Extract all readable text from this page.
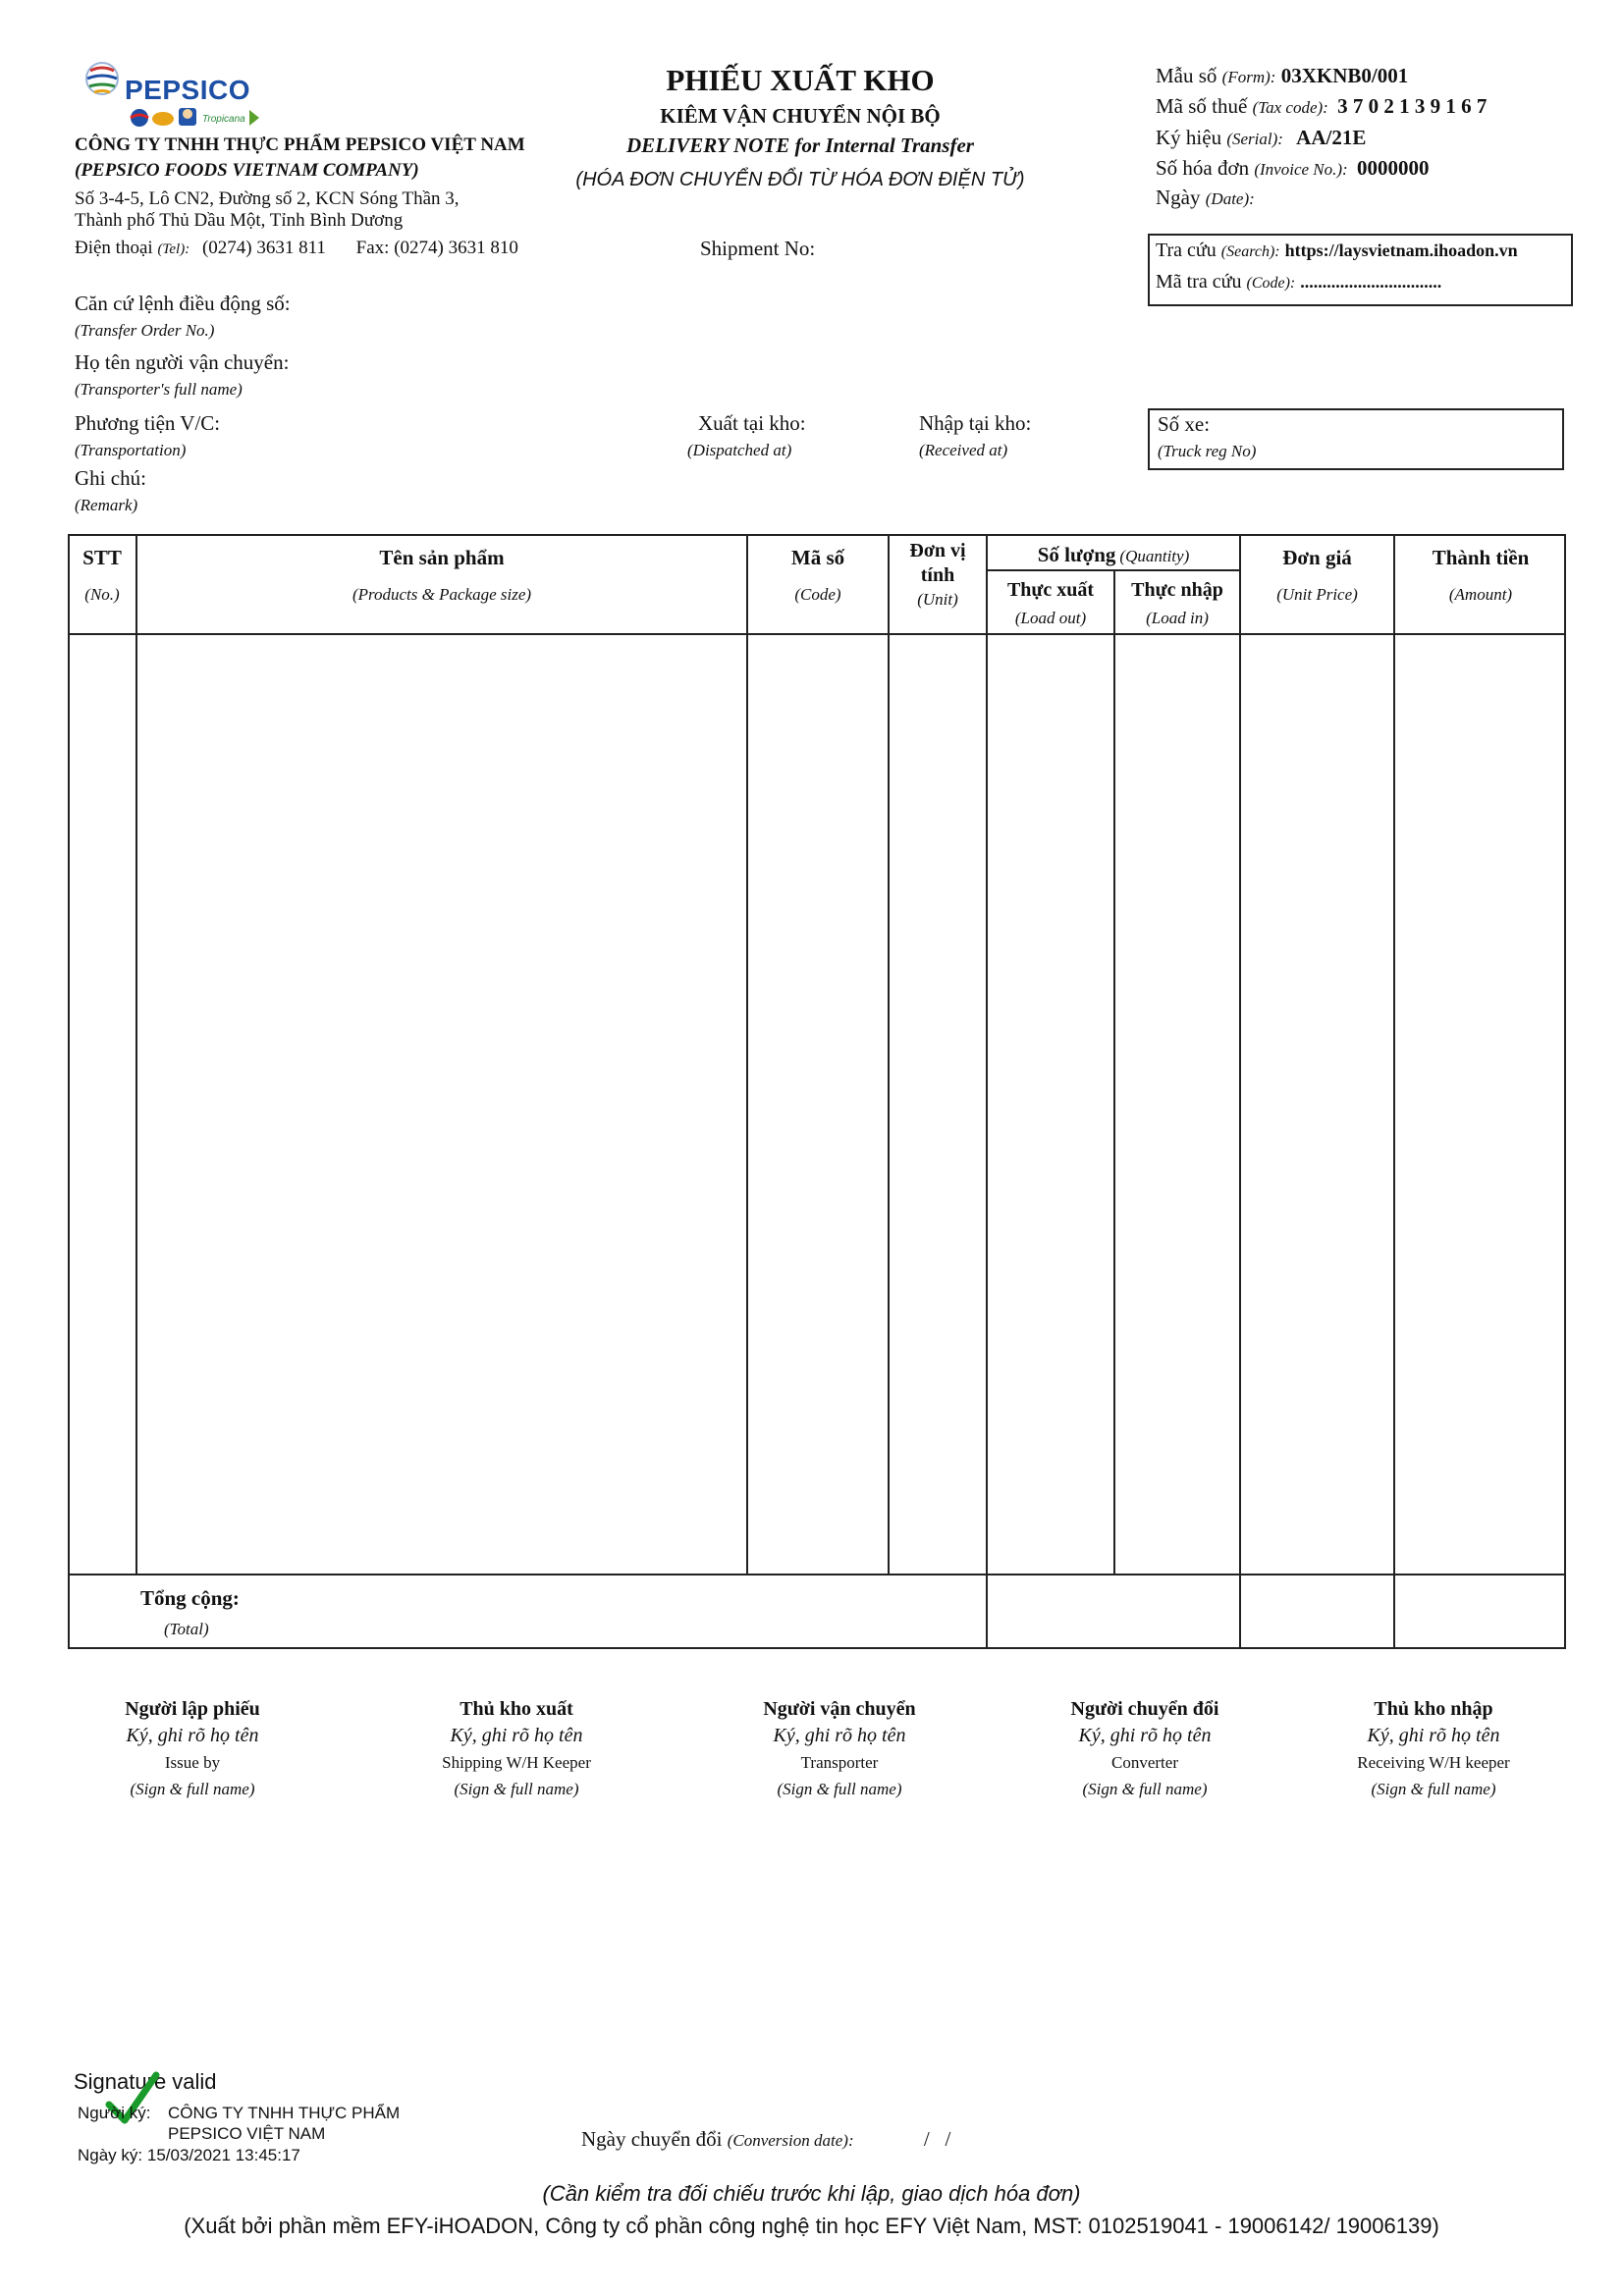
Tropicana
PEPSICO
CÔNG TY TNHH THỰC PHẨM PEPSICO VIỆT NAM
(PEPSICO FOODS VIETNAM COMPANY)
Số 3-4-5, Lô CN2, Đường số 2, KCN Sóng Thần 3,
Thành phố Thủ Dầu Một, Tỉnh Bình Dương
Điện thoại (Tel): (0274) 3631 811 Fax: (0274) 3631 810
PHIẾU XUẤT KHO
KIÊM VẬN CHUYỂN NỘI BỘ
DELIVERY NOTE for Internal Transfer
(HÓA ĐƠN CHUYỂN ĐỔI TỪ HÓA ĐƠN ĐIỆN TỬ)
Shipment No:
Mẫu số (Form): 03XKNB0/001
Mã số thuế (Tax code): 3 7 0 2 1 3 9 1 6 7
Ký hiệu (Serial): AA/21E
Số hóa đơn (Invoice No.): 0000000
Ngày (Date):
Tra cứu (Search): https://laysvietnam.ihoadon.vn
Mã tra cứu (Code): ................................
Căn cứ lệnh điều động số:
(Transfer Order No.)
Họ tên người vận chuyển:
(Transporter's full name)
Phương tiện V/C:
(Transportation)
Xuất tại kho:
(Dispatched at)
Nhập tại kho:
(Received at)
Số xe:
(Truck reg No)
Ghi chú:
(Remark)
STT
(No.)
Tên sản phẩm
(Products & Package size)
Mã số
(Code)
Đơn vị
tính
(Unit)
Số lượng (Quantity)
Thực xuất
(Load out)
Thực nhập
(Load in)
Đơn giá
(Unit Price)
Thành tiền
(Amount)
Tổng cộng:
(Total)
Người lập phiếu
Ký, ghi rõ họ tên
Issue by
(Sign & full name)
Thủ kho xuất
Ký, ghi rõ họ tên
Shipping W/H Keeper
(Sign & full name)
Người vận chuyển
Ký, ghi rõ họ tên
Transporter
(Sign & full name)
Người chuyển đổi
Ký, ghi rõ họ tên
Converter
(Sign & full name)
Thủ kho nhập
Ký, ghi rõ họ tên
Receiving W/H keeper
(Sign & full name)
Signature valid
Người ký: CÔNG TY TNHH THỰC PHẨM
PEPSICO VIỆT NAM
Ngày ký: 15/03/2021 13:45:17
Ngày chuyển đổi (Conversion date):	/   /
(Cần kiểm tra đối chiếu trước khi lập, giao dịch hóa đơn)
(Xuất bởi phần mềm EFY-iHOADON, Công ty cổ phần công nghệ tin học EFY Việt Nam, MST: 0102519041 - 19006142/ 19006139)
